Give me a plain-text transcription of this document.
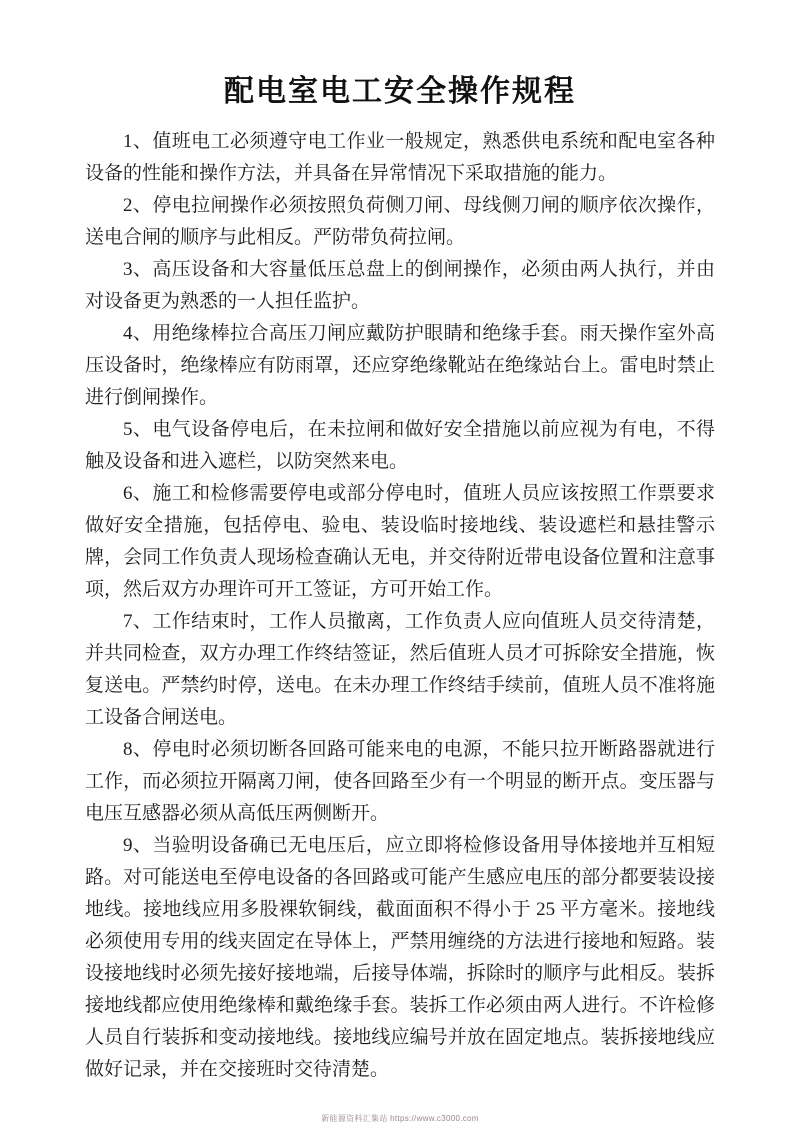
配电室电工安全操作规程

1、值班电工必须遵守电工作业一般规定，熟悉供电系统和配电室各种设备的性能和操作方法，并具备在异常情况下采取措施的能力。

2、停电拉闸操作必须按照负荷侧刀闸、母线侧刀闸的顺序依次操作，送电合闸的顺序与此相反。严防带负荷拉闸。

3、高压设备和大容量低压总盘上的倒闸操作，必须由两人执行，并由对设备更为熟悉的一人担任监护。

4、用绝缘棒拉合高压刀闸应戴防护眼睛和绝缘手套。雨天操作室外高压设备时，绝缘棒应有防雨罩，还应穿绝缘靴站在绝缘站台上。雷电时禁止进行倒闸操作。

5、电气设备停电后，在未拉闸和做好安全措施以前应视为有电，不得触及设备和进入遮栏，以防突然来电。

6、施工和检修需要停电或部分停电时，值班人员应该按照工作票要求做好安全措施，包括停电、验电、装设临时接地线、装设遮栏和悬挂警示牌，会同工作负责人现场检查确认无电，并交待附近带电设备位置和注意事项，然后双方办理许可开工签证，方可开始工作。

7、工作结束时，工作人员撤离，工作负责人应向值班人员交待清楚，并共同检查，双方办理工作终结签证，然后值班人员才可拆除安全措施，恢复送电。严禁约时停，送电。在未办理工作终结手续前，值班人员不准将施工设备合闸送电。

8、停电时必须切断各回路可能来电的电源，不能只拉开断路器就进行工作，而必须拉开隔离刀闸，使各回路至少有一个明显的断开点。变压器与电压互感器必须从高低压两侧断开。

9、当验明设备确已无电压后，应立即将检修设备用导体接地并互相短路。对可能送电至停电设备的各回路或可能产生感应电压的部分都要装设接地线。接地线应用多股裸软铜线，截面面积不得小于 25 平方毫米。接地线必须使用专用的线夹固定在导体上，严禁用缠绕的方法进行接地和短路。装设接地线时必须先接好接地端，后接导体端，拆除时的顺序与此相反。装拆接地线都应使用绝缘棒和戴绝缘手套。装拆工作必须由两人进行。不许检修人员自行装拆和变动接地线。接地线应编号并放在固定地点。装拆接地线应做好记录，并在交接班时交待清楚。

新能源资料汇集站 https://www.c3000.com
